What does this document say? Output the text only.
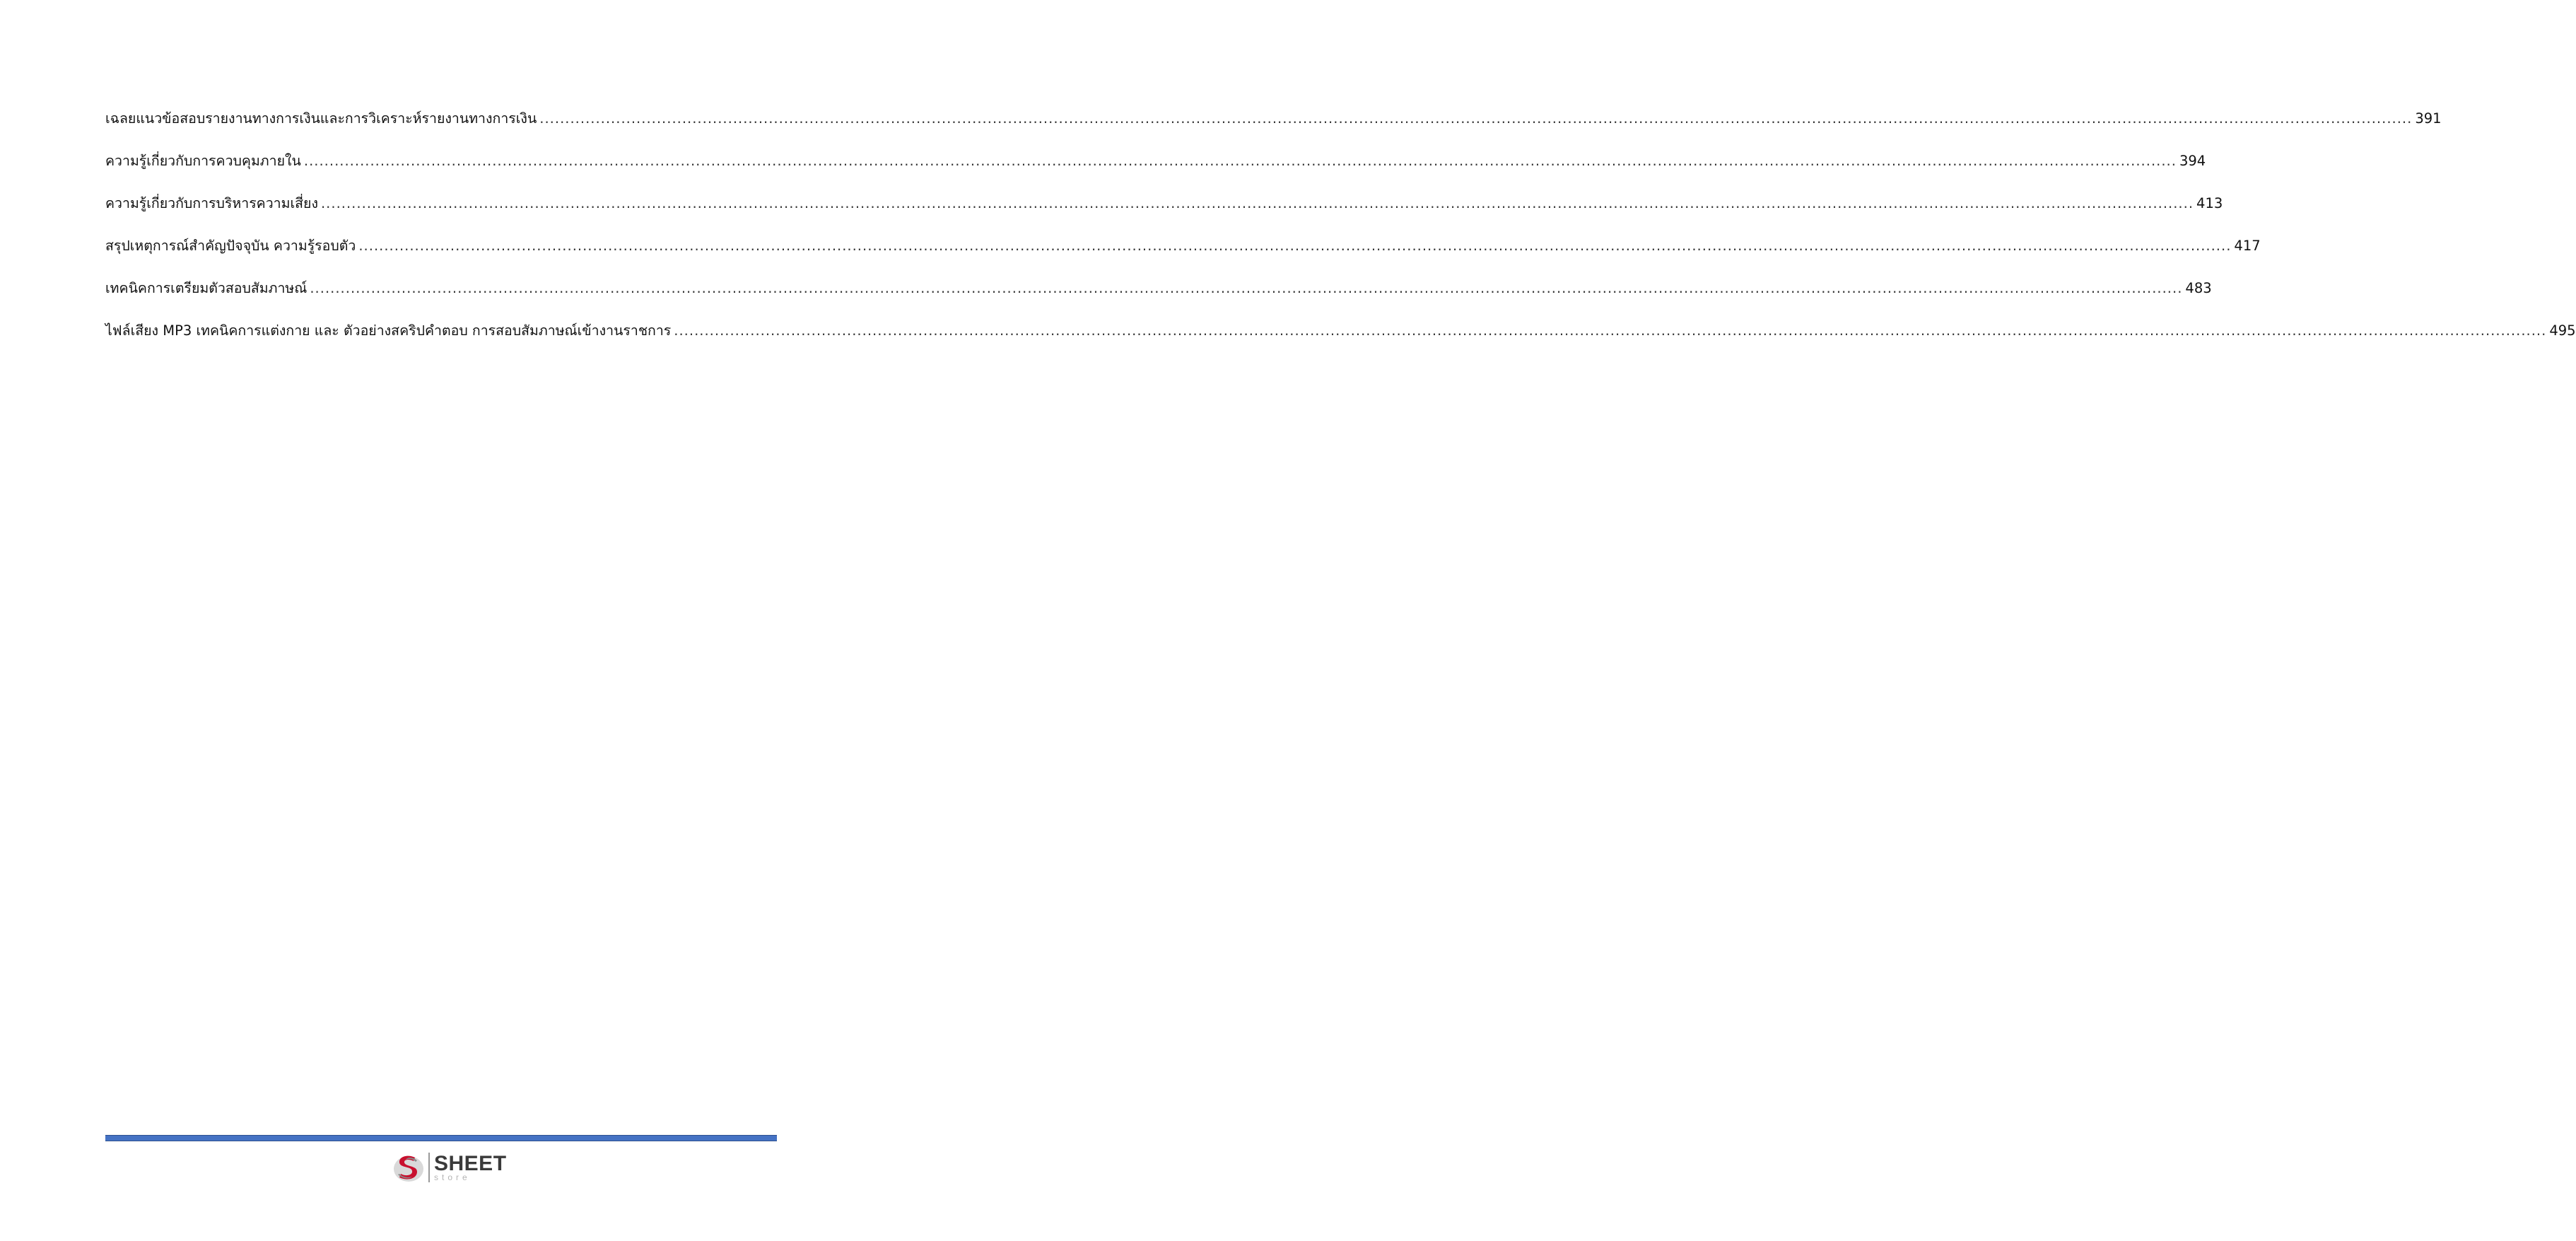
เฉลยแนวข้อสอบรายงานทางการเงินและการวิเคราะห์รายงานทางการเงิน .....	391
ความรู้เกี่ยวกับการควบคุมภายใน .....	394
ความรู้เกี่ยวกับการบริหารความเสี่ยง .....	413
สรุปเหตุการณ์สำคัญปัจจุบัน ความรู้รอบตัว .....	417
เทคนิคการเตรียมตัวสอบสัมภาษณ์ .....	483
ไฟล์เสียง MP3 เทคนิคการแต่งกาย และ ตัวอย่างสคริปคำตอบ การสอบสัมภาษณ์เข้างานราชการ .....	495
SHEET
store
